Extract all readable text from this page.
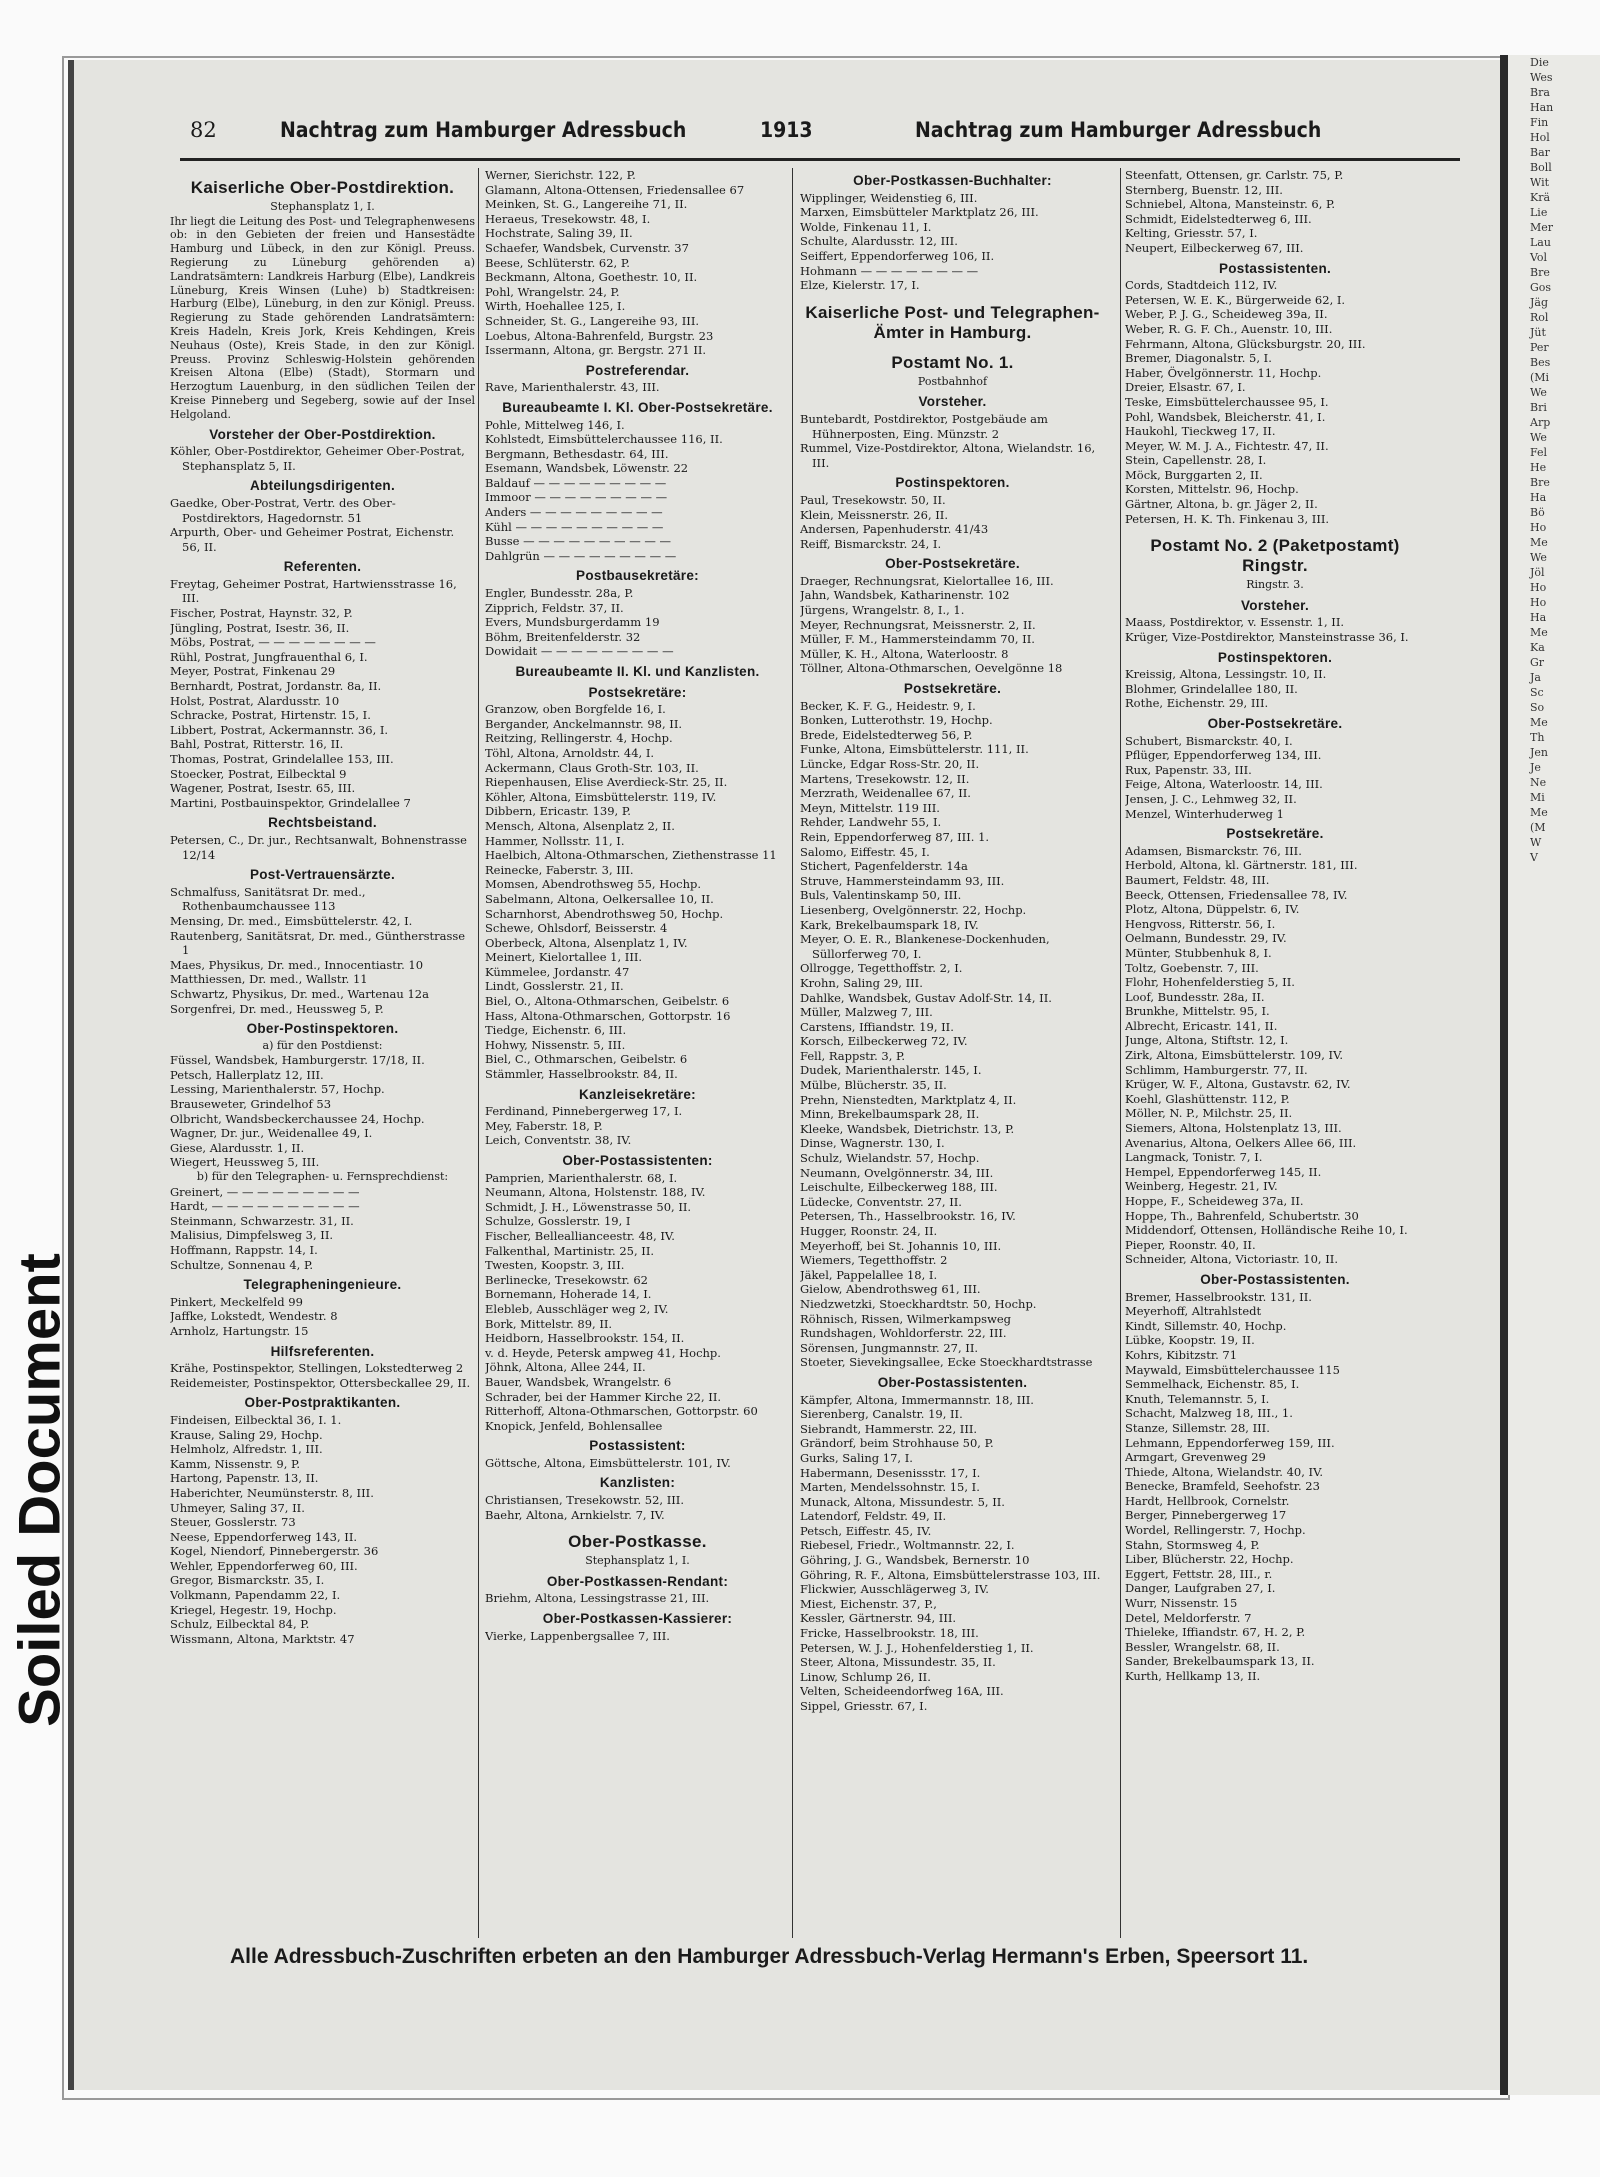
Soiled Document
82	Nachtrag zum Hamburger Adressbuch	1913	Nachtrag zum Hamburger Adressbuch
Kaiserliche Ober-Postdirektion.
Stephansplatz 1, I.

Ihr liegt die Leitung des Post- und Telegraphenwesens ob: in den Gebieten der freien und Hansestädte Hamburg und Lübeck, in den zur Königl. Preuss. Regierung zu Lüneburg gehörenden a) Landratsämtern: Landkreis Harburg (Elbe), Landkreis Lüneburg, Kreis Winsen (Luhe) b) Stadtkreisen: Harburg (Elbe), Lüneburg, in den zur Königl. Preuss. Regierung zu Stade gehörenden Landratsämtern: Kreis Hadeln, Kreis Jork, Kreis Kehdingen, Kreis Neuhaus (Oste), Kreis Stade, in den zur Königl. Preuss. Provinz Schleswig-Holstein gehörenden Kreisen Altona (Elbe) (Stadt), Stormarn und Herzogtum Lauenburg, in den südlichen Teilen der Kreise Pinneberg und Segeberg, sowie auf der Insel Helgoland.

Vorsteher der Ober-Postdirektion.

Köhler, Ober-Postdirektor, Geheimer Ober-Postrat, Stephansplatz 5, II.

Abteilungsdirigenten.

Gaedke, Ober-Postrat, Vertr. des Ober-Postdirektors, Hagedornstr. 51

Arpurth, Ober- und Geheimer Postrat, Eichenstr. 56, II.

Referenten.

Freytag, Geheimer Postrat, Hartwiensstrasse 16, III.

Fischer, Postrat, Haynstr. 32, P.

Jüngling, Postrat, Isestr. 36, II.

Möbs, Postrat, — — — — — — — —

Rühl, Postrat, Jungfrauenthal 6, I.

Meyer, Postrat, Finkenau 29

Bernhardt, Postrat, Jordanstr. 8a, II.

Holst, Postrat, Alardusstr. 10

Schracke, Postrat, Hirtenstr. 15, I.

Libbert, Postrat, Ackermannstr. 36, I.

Bahl, Postrat, Ritterstr. 16, II.

Thomas, Postrat, Grindelallee 153, III.

Stoecker, Postrat, Eilbecktal 9

Wagener, Postrat, Isestr. 65, III.

Martini, Postbauinspektor, Grindelallee 7

Rechtsbeistand.

Petersen, C., Dr. jur., Rechtsanwalt, Bohnenstrasse 12/14

Post-Vertrauensärzte.

Schmalfuss, Sanitätsrat Dr. med., Rothenbaumchaussee 113

Mensing, Dr. med., Eimsbüttelerstr. 42, I.

Rautenberg, Sanitätsrat, Dr. med., Güntherstrasse 1

Maes, Physikus, Dr. med., Innocentiastr. 10

Matthiessen, Dr. med., Wallstr. 11

Schwartz, Physikus, Dr. med., Wartenau 12a

Sorgenfrei, Dr. med., Heussweg 5, P.

Ober-Postinspektoren.
a) für den Postdienst:

Füssel, Wandsbek, Hamburgerstr. 17/18, II.

Petsch, Hallerplatz 12, III.

Lessing, Marienthalerstr. 57, Hochp.

Brauseweter, Grindelhof 53

Olbricht, Wandsbeckerchaussee 24, Hochp.

Wagner, Dr. jur., Weidenallee 49, I.

Giese, Alardusstr. 1, II.

Wiegert, Heussweg 5, III.

b) für den Telegraphen- u. Fernsprechdienst:

Greinert, — — — — — — — — —

Hardt, — — — — — — — — — —

Steinmann, Schwarzestr. 31, II.

Malisius, Dimpfelsweg 3, II.

Hoffmann, Rappstr. 14, I.

Schultze, Sonnenau 4, P.

Telegrapheningenieure.

Pinkert, Meckelfeld 99

Jaffke, Lokstedt, Wendestr. 8

Arnholz, Hartungstr. 15

Hilfsreferenten.

Krähe, Postinspektor, Stellingen, Lokstedterweg 2

Reidemeister, Postinspektor, Ottersbeckallee 29, II.

Ober-Postpraktikanten.

Findeisen, Eilbecktal 36, I. 1.

Krause, Saling 29, Hochp.

Helmholz, Alfredstr. 1, III.

Kamm, Nissenstr. 9, P.

Hartong, Papenstr. 13, II.

Haberichter, Neumünsterstr. 8, III.

Uhmeyer, Saling 37, II.

Steuer, Gosslerstr. 73

Neese, Eppendorferweg 143, II.

Kogel, Niendorf, Pinnebergerstr. 36

Wehler, Eppendorferweg 60, III.

Gregor, Bismarckstr. 35, I.

Volkmann, Papendamm 22, I.

Kriegel, Hegestr. 19, Hochp.

Schulz, Eilbecktal 84, P.

Wissmann, Altona, Marktstr. 47

Werner, Sierichstr. 122, P.

Glamann, Altona-Ottensen, Friedensallee 67

Meinken, St. G., Langereihe 71, II.

Heraeus, Tresekowstr. 48, I.

Hochstrate, Saling 39, II.

Schaefer, Wandsbek, Curvenstr. 37

Beese, Schlüterstr. 62, P.

Beckmann, Altona, Goethestr. 10, II.

Pohl, Wrangelstr. 24, P.

Wirth, Hoehallee 125, I.

Schneider, St. G., Langereihe 93, III.

Loebus, Altona-Bahrenfeld, Burgstr. 23

Issermann, Altona, gr. Bergstr. 271 II.

Postreferendar.

Rave, Marienthalerstr. 43, III.

Bureaubeamte I. Kl. Ober-Postsekretäre.

Pohle, Mittelweg 146, I.

Kohlstedt, Eimsbüttelerchaussee 116, II.

Bergmann, Bethesdastr. 64, III.

Esemann, Wandsbek, Löwenstr. 22

Baldauf — — — — — — — — —

Immoor — — — — — — — — —

Anders — — — — — — — — —

Kühl — — — — — — — — — —

Busse — — — — — — — — — —

Dahlgrün — — — — — — — — —

Postbausekretäre:

Engler, Bundesstr. 28a, P.

Zipprich, Feldstr. 37, II.

Evers, Mundsburgerdamm 19

Böhm, Breitenfelderstr. 32

Dowidait — — — — — — — — —

Bureaubeamte II. Kl. und Kanzlisten.
Postsekretäre:

Granzow, oben Borgfelde 16, I.

Bergander, Anckelmannstr. 98, II.

Reitzing, Rellingerstr. 4, Hochp.

Töhl, Altona, Arnoldstr. 44, I.

Ackermann, Claus Groth-Str. 103, II.

Riepenhausen, Elise Averdieck-Str. 25, II.

Köhler, Altona, Eimsbüttelerstr. 119, IV.

Dibbern, Ericastr. 139, P.

Mensch, Altona, Alsenplatz 2, II.

Hammer, Nollsstr. 11, I.

Haelbich, Altona-Othmarschen, Ziethenstrasse 11

Reinecke, Faberstr. 3, III.

Momsen, Abendrothsweg 55, Hochp.

Sabelmann, Altona, Oelkersallee 10, II.

Scharnhorst, Abendrothsweg 50, Hochp.

Schewe, Ohlsdorf, Beisserstr. 4

Oberbeck, Altona, Alsenplatz 1, IV.

Meinert, Kielortallee 1, III.

Kümmelee, Jordanstr. 47

Lindt, Gosslerstr. 21, II.

Biel, O., Altona-Othmarschen, Geibelstr. 6

Hass, Altona-Othmarschen, Gottorpstr. 16

Tiedge, Eichenstr. 6, III.

Hohwy, Nissenstr. 5, III.

Biel, C., Othmarschen, Geibelstr. 6

Stämmler, Hasselbrookstr. 84, II.

Kanzleisekretäre:

Ferdinand, Pinnebergerweg 17, I.

Mey, Faberstr. 18, P.

Leich, Conventstr. 38, IV.

Ober-Postassistenten:

Pamprien, Marienthalerstr. 68, I.

Neumann, Altona, Holstenstr. 188, IV.

Schmidt, J. H., Löwenstrasse 50, II.

Schulze, Gosslerstr. 19, I

Fischer, Belleallianceestr. 48, IV.

Falkenthal, Martinistr. 25, II.

Twesten, Koopstr. 3, III.

Berlinecke, Tresekowstr. 62

Bornemann, Hoherade 14, I.

Elebleb, Ausschläger weg 2, IV.

Bork, Mittelstr. 89, II.

Heidborn, Hasselbrookstr. 154, II.

v. d. Heyde, Petersk ampweg 41, Hochp.

Jöhnk, Altona, Allee 244, II.

Bauer, Wandsbek, Wrangelstr. 6

Schrader, bei der Hammer Kirche 22, II.

Ritterhoff, Altona-Othmarschen, Gottorpstr. 60

Knopick, Jenfeld, Bohlensallee

Postassistent:

Göttsche, Altona, Eimsbüttelerstr. 101, IV.

Kanzlisten:

Christiansen, Tresekowstr. 52, III.

Baehr, Altona, Arnkielstr. 7, IV.

Ober-Postkasse.
Stephansplatz 1, I.
Ober-Postkassen-Rendant:

Briehm, Altona, Lessingstrasse 21, III.

Ober-Postkassen-Kassierer:

Vierke, Lappenbergsallee 7, III.

Ober-Postkassen-Buchhalter:

Wipplinger, Weidenstieg 6, III.

Marxen, Eimsbütteler Marktplatz 26, III.

Wolde, Finkenau 11, I.

Schulte, Alardusstr. 12, III.

Seiffert, Eppendorferweg 106, II.

Hohmann — — — — — — — —

Elze, Kielerstr. 17, I.

Kaiserliche Post- und Telegraphen-Ämter in Hamburg.
Postamt No. 1.
Postbahnhof
Vorsteher.

Buntebardt, Postdirektor, Postgebäude am Hühnerposten, Eing. Münzstr. 2

Rummel, Vize-Postdirektor, Altona, Wielandstr. 16, III.

Postinspektoren.

Paul, Tresekowstr. 50, II.

Klein, Meissnerstr. 26, II.

Andersen, Papenhuderstr. 41/43

Reiff, Bismarckstr. 24, I.

Ober-Postsekretäre.

Draeger, Rechnungsrat, Kielortallee 16, III.

Jahn, Wandsbek, Katharinenstr. 102

Jürgens, Wrangelstr. 8, I., 1.

Meyer, Rechnungsrat, Meissnerstr. 2, II.

Müller, F. M., Hammersteindamm 70, II.

Müller, K. H., Altona, Waterloostr. 8

Töllner, Altona-Othmarschen, Oevelgönne 18

Postsekretäre.

Becker, K. F. G., Heidestr. 9, I.

Bonken, Lutterothstr. 19, Hochp.

Brede, Eidelstedterweg 56, P.

Funke, Altona, Eimsbüttelerstr. 111, II.

Lüncke, Edgar Ross-Str. 20, II.

Martens, Tresekowstr. 12, II.

Merzrath, Weidenallee 67, II.

Meyn, Mittelstr. 119 III.

Rehder, Landwehr 55, I.

Rein, Eppendorferweg 87, III. 1.

Salomo, Eiffestr. 45, I.

Stichert, Pagenfelderstr. 14a

Struve, Hammersteindamm 93, III.

Buls, Valentinskamp 50, III.

Liesenberg, Ovelgönnerstr. 22, Hochp.

Kark, Brekelbaumspark 18, IV.

Meyer, O. E. R., Blankenese-Dockenhuden, Süllorferweg 70, I.

Ollrogge, Tegetthoffstr. 2, I.

Krohn, Saling 29, III.

Dahlke, Wandsbek, Gustav Adolf-Str. 14, II.

Müller, Malzweg 7, III.

Carstens, Iffiandstr. 19, II.

Korsch, Eilbeckerweg 72, IV.

Fell, Rappstr. 3, P.

Dudek, Marienthalerstr. 145, I.

Mülbe, Blücherstr. 35, II.

Prehn, Nienstedten, Marktplatz 4, II.

Minn, Brekelbaumspark 28, II.

Kleeke, Wandsbek, Dietrichstr. 13, P.

Dinse, Wagnerstr. 130, I.

Schulz, Wielandstr. 57, Hochp.

Neumann, Ovelgönnerstr. 34, III.

Leischulte, Eilbeckerweg 188, III.

Lüdecke, Conventstr. 27, II.

Petersen, Th., Hasselbrookstr. 16, IV.

Hugger, Roonstr. 24, II.

Meyerhoff, bei St. Johannis 10, III.

Wiemers, Tegetthoffstr. 2

Jäkel, Pappelallee 18, I.

Gielow, Abendrothsweg 61, III.

Niedzwetzki, Stoeckhardtstr. 50, Hochp.

Röhnisch, Rissen, Wilmerkampsweg

Rundshagen, Wohldorferstr. 22, III.

Sörensen, Jungmannstr. 27, II.

Stoeter, Sievekingsallee, Ecke Stoeckhardtstrasse

Ober-Postassistenten.

Kämpfer, Altona, Immermannstr. 18, III.

Sierenberg, Canalstr. 19, II.

Siebrandt, Hammerstr. 22, III.

Grändorf, beim Strohhause 50, P.

Gurks, Saling 17, I.

Habermann, Desenissstr. 17, I.

Marten, Mendelssohnstr. 15, I.

Munack, Altona, Missundestr. 5, II.

Latendorf, Feldstr. 49, II.

Petsch, Eiffestr. 45, IV.

Riebesel, Friedr., Woltmannstr. 22, I.

Göhring, J. G., Wandsbek, Bernerstr. 10

Göhring, R. F., Altona, Eimsbüttelerstrasse 103, III.

Flickwier, Ausschlägerweg 3, IV.

Miest, Eichenstr. 37, P.,

Kessler, Gärtnerstr. 94, III.

Fricke, Hasselbrookstr. 18, III.

Petersen, W. J. J., Hohenfelderstieg 1, II.

Steer, Altona, Missundestr. 35, II.

Linow, Schlump 26, II.

Velten, Scheideendorfweg 16A, III.

Sippel, Griesstr. 67, I.

Steenfatt, Ottensen, gr. Carlstr. 75, P.

Sternberg, Buenstr. 12, III.

Schniebel, Altona, Mansteinstr. 6, P.

Schmidt, Eidelstedterweg 6, III.

Kelting, Griesstr. 57, I.

Neupert, Eilbeckerweg 67, III.

Postassistenten.

Cords, Stadtdeich 112, IV.

Petersen, W. E. K., Bürgerweide 62, I.

Weber, P. J. G., Scheideweg 39a, II.

Weber, R. G. F. Ch., Auenstr. 10, III.

Fehrmann, Altona, Glücksburgstr. 20, III.

Bremer, Diagonalstr. 5, I.

Haber, Övelgönnerstr. 11, Hochp.

Dreier, Elsastr. 67, I.

Teske, Eimsbüttelerchaussee 95, I.

Pohl, Wandsbek, Bleicherstr. 41, I.

Haukohl, Tieckweg 17, II.

Meyer, W. M. J. A., Fichtestr. 47, II.

Stein, Capellenstr. 28, I.

Möck, Burggarten 2, II.

Korsten, Mittelstr. 96, Hochp.

Gärtner, Altona, b. gr. Jäger 2, II.

Petersen, H. K. Th. Finkenau 3, III.

Postamt No. 2 (Paketpostamt) Ringstr.
Ringstr. 3.
Vorsteher.

Maass, Postdirektor, v. Essenstr. 1, II.

Krüger, Vize-Postdirektor, Mansteinstrasse 36, I.

Postinspektoren.

Kreissig, Altona, Lessingstr. 10, II.

Blohmer, Grindelallee 180, II.

Rothe, Eichenstr. 29, III.

Ober-Postsekretäre.

Schubert, Bismarckstr. 40, I.

Pflüger, Eppendorferweg 134, III.

Rux, Papenstr. 33, III.

Feige, Altona, Waterloostr. 14, III.

Jensen, J. C., Lehmweg 32, II.

Menzel, Winterhuderweg 1

Postsekretäre.

Adamsen, Bismarckstr. 76, III.

Herbold, Altona, kl. Gärtnerstr. 181, III.

Baumert, Feldstr. 48, III.

Beeck, Ottensen, Friedensallee 78, IV.

Plotz, Altona, Düppelstr. 6, IV.

Hengvoss, Ritterstr. 56, I.

Oelmann, Bundesstr. 29, IV.

Münter, Stubbenhuk 8, I.

Toltz, Goebenstr. 7, III.

Flohr, Hohenfelderstieg 5, II.

Loof, Bundesstr. 28a, II.

Brunkhe, Mittelstr. 95, I.

Albrecht, Ericastr. 141, II.

Junge, Altona, Stiftstr. 12, I.

Zirk, Altona, Eimsbüttelerstr. 109, IV.

Schlimm, Hamburgerstr. 77, II.

Krüger, W. F., Altona, Gustavstr. 62, IV.

Koehl, Glashüttenstr. 112, P.

Möller, N. P., Milchstr. 25, II.

Siemers, Altona, Holstenplatz 13, III.

Avenarius, Altona, Oelkers Allee 66, III.

Langmack, Tonistr. 7, I.

Hempel, Eppendorferweg 145, II.

Weinberg, Hegestr. 21, IV.

Hoppe, F., Scheideweg 37a, II.

Hoppe, Th., Bahrenfeld, Schubertstr. 30

Middendorf, Ottensen, Holländische Reihe 10, I.

Pieper, Roonstr. 40, II.

Schneider, Altona, Victoriastr. 10, II.

Ober-Postassistenten.

Bremer, Hasselbrookstr. 131, II.

Meyerhoff, Altrahlstedt

Kindt, Sillemstr. 40, Hochp.

Lübke, Koopstr. 19, II.

Kohrs, Kibitzstr. 71

Maywald, Eimsbüttelerchaussee 115

Semmelhack, Eichenstr. 85, I.

Knuth, Telemannstr. 5, I.

Schacht, Malzweg 18, III., 1.

Stanze, Sillemstr. 28, III.

Lehmann, Eppendorferweg 159, III.

Armgart, Grevenweg 29

Thiede, Altona, Wielandstr. 40, IV.

Benecke, Bramfeld, Seehofstr. 23

Hardt, Hellbrook, Cornelstr.

Berger, Pinnebergerweg 17

Wordel, Rellingerstr. 7, Hochp.

Stahn, Stormsweg 4, P.

Liber, Blücherstr. 22, Hochp.

Eggert, Fettstr. 28, III., r.

Danger, Laufgraben 27, I.

Wurr, Nissenstr. 15

Detel, Meldorferstr. 7

Thieleke, Iffiandstr. 67, H. 2, P.

Bessler, Wrangelstr. 68, II.

Sander, Brekelbaumspark 13, II.

Kurth, Hellkamp 13, II.

Die

Wes

Bra

Han

Fin

Hol

Bar

Boll

Wit

Krä

Lie

Mer

Lau

Vol

Bre

Gos

Jäg

Rol

Jüt

Per

Bes

(Mi

We

Bri

Arp

We

Fel

He

Bre

Ha

Bö

Ho

Me

We

Jöl

Ho

Ho

Ha

Me

Ka

Gr

Ja

Sc

So

Me

Th

Jen

Je

Ne

Mi

Me

(M

W

V

Alle Adressbuch-Zuschriften erbeten an den Hamburger Adressbuch-Verlag Hermann's Erben, Speersort 11.
